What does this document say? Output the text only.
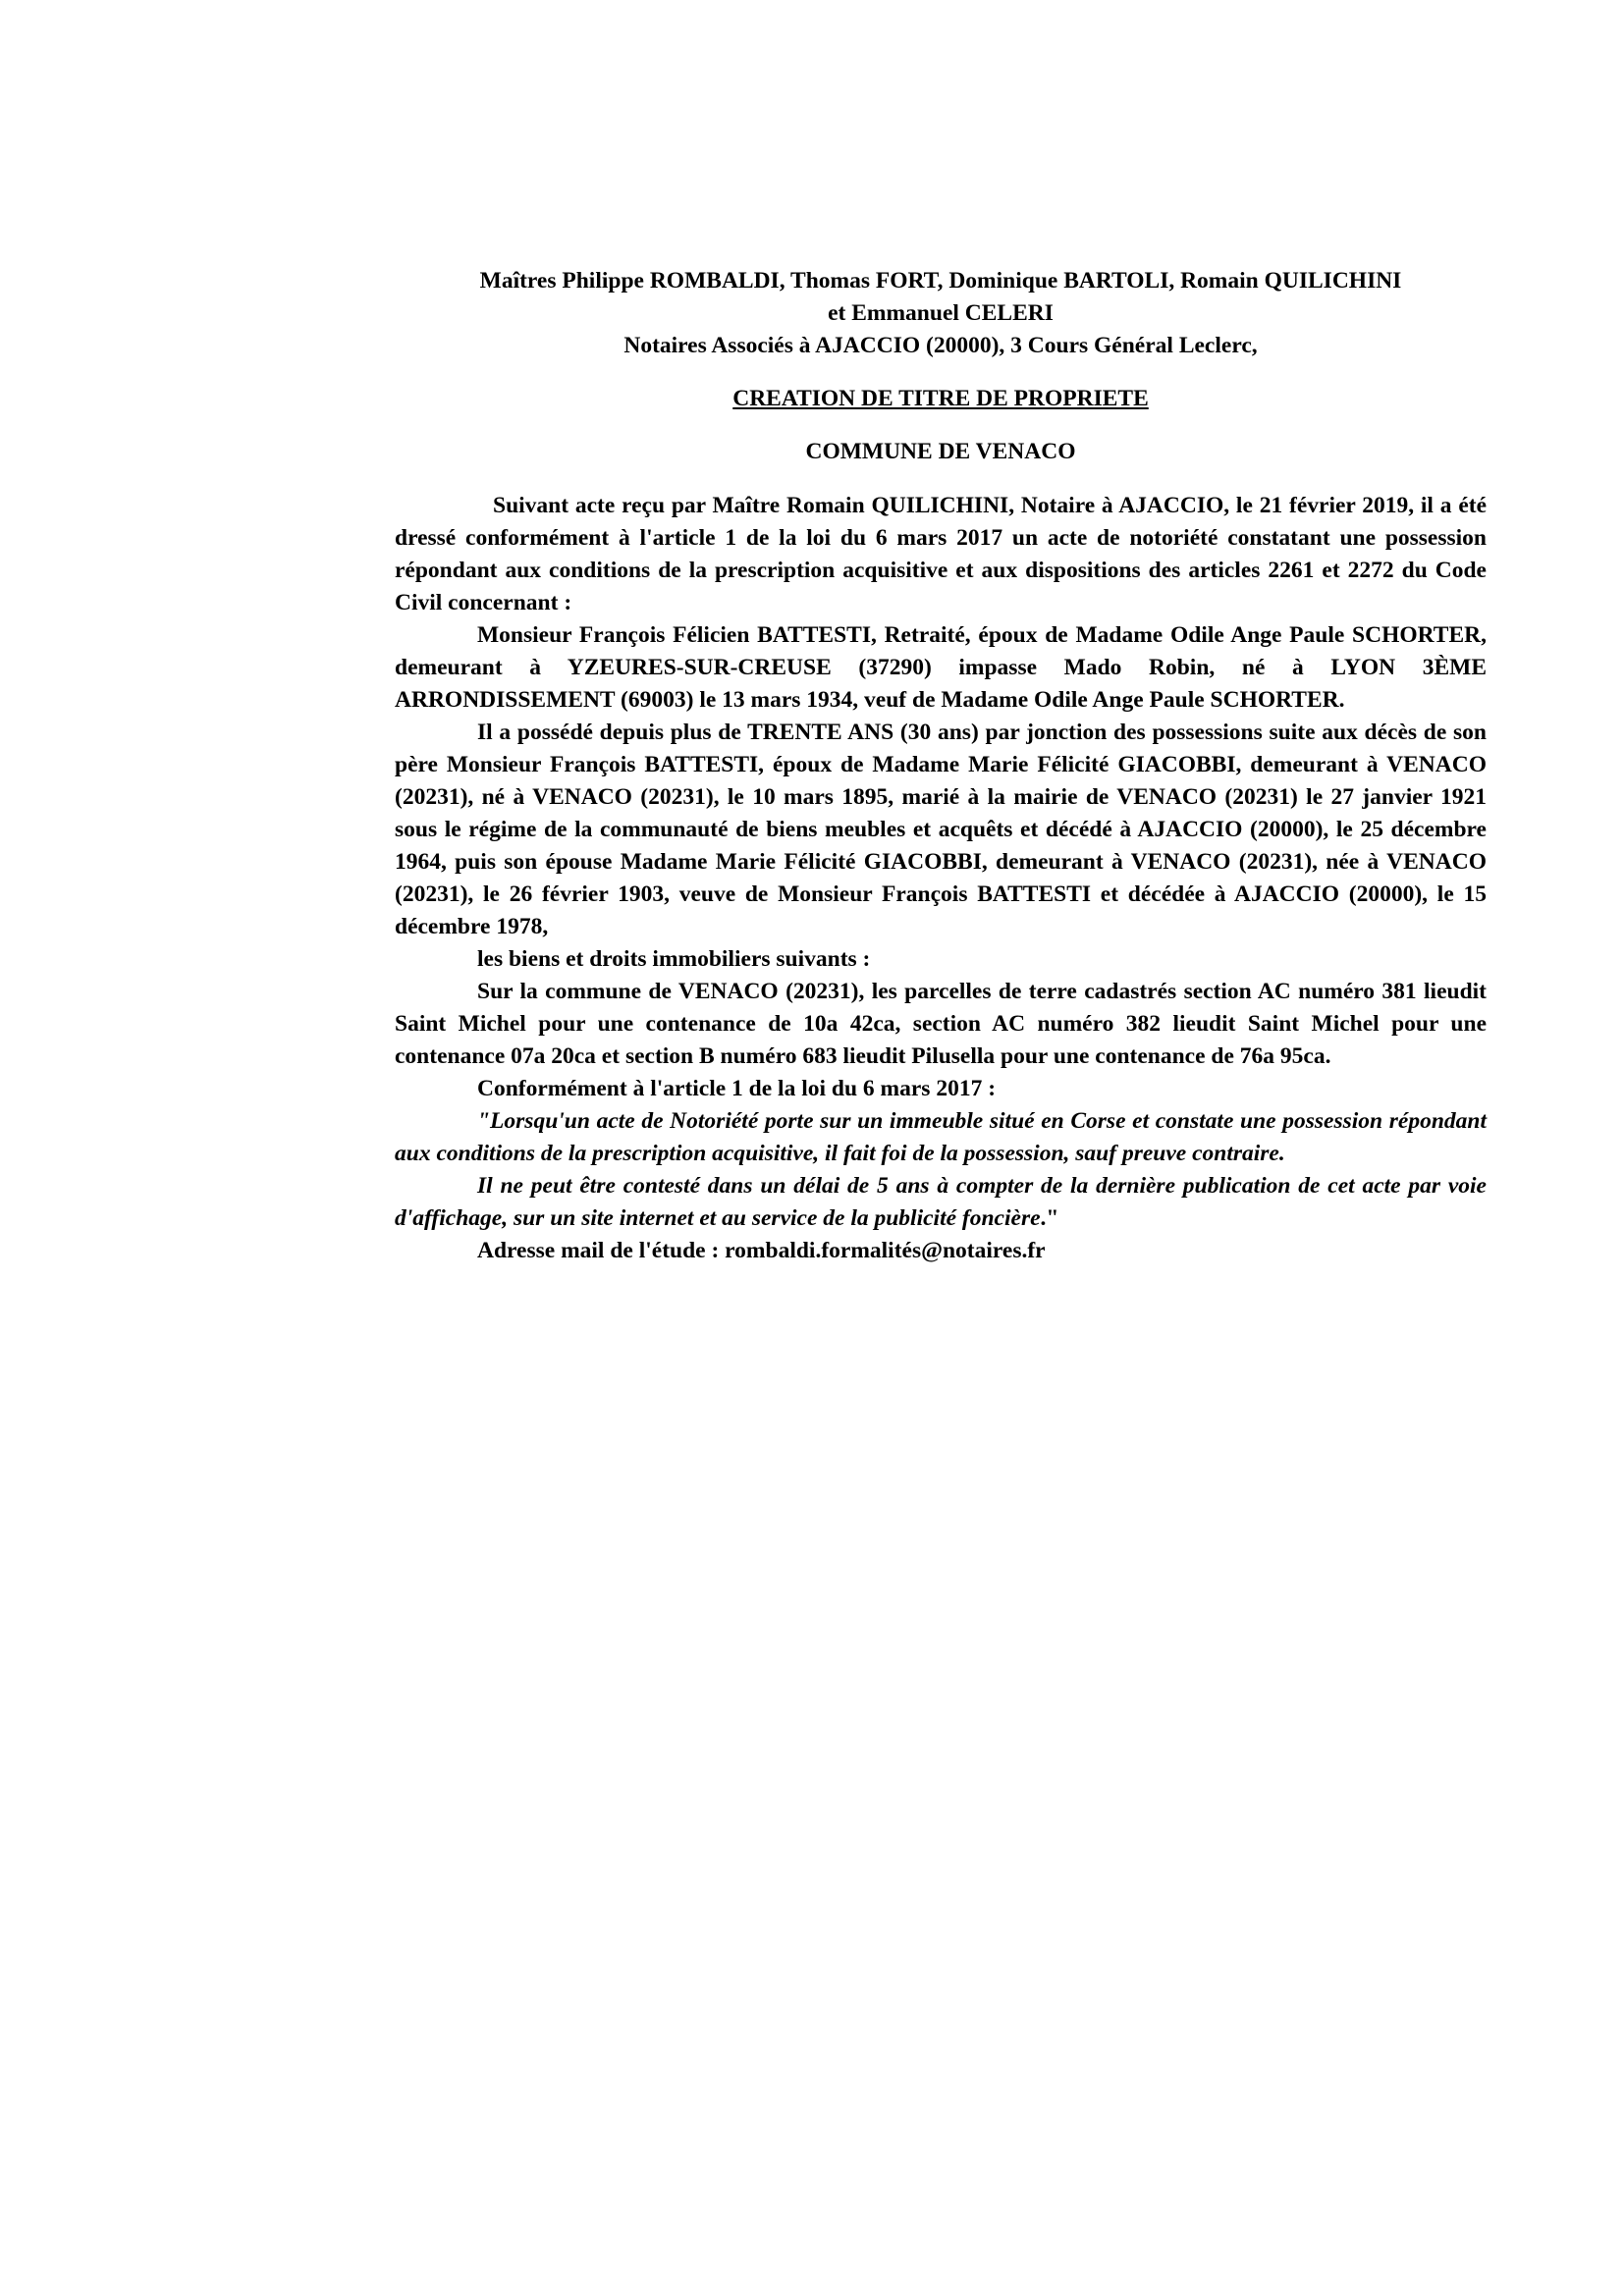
Maîtres Philippe ROMBALDI, Thomas FORT, Dominique BARTOLI, Romain QUILICHINI
et Emmanuel CELERI
Notaires Associés à AJACCIO (20000), 3 Cours Général Leclerc,
CREATION DE TITRE DE PROPRIETE
COMMUNE DE VENACO

Suivant acte reçu par Maître Romain QUILICHINI, Notaire à AJACCIO, le 21 février 2019, il a été dressé conformément à l'article 1 de la loi du 6 mars 2017 un acte de notoriété constatant une possession répondant aux conditions de la prescription acquisitive et aux dispositions des articles 2261 et 2272 du Code Civil concernant :

Monsieur François Félicien BATTESTI, Retraité, époux de Madame Odile Ange Paule SCHORTER, demeurant à YZEURES-SUR-CREUSE (37290) impasse Mado Robin, né à LYON 3ÈME ARRONDISSEMENT (69003) le 13 mars 1934, veuf de Madame Odile Ange Paule SCHORTER.

Il a possédé depuis plus de TRENTE ANS (30 ans) par jonction des possessions suite aux décès de son père Monsieur François BATTESTI, époux de Madame Marie Félicité GIACOBBI, demeurant à VENACO (20231), né à VENACO (20231), le 10 mars 1895, marié à la mairie de VENACO (20231) le 27 janvier 1921 sous le régime de la communauté de biens meubles et acquêts et décédé à AJACCIO (20000), le 25 décembre 1964, puis son épouse Madame Marie Félicité GIACOBBI, demeurant à VENACO (20231), née à VENACO (20231), le 26 février 1903, veuve de Monsieur François BATTESTI et décédée à AJACCIO (20000), le 15 décembre 1978,

les biens et droits immobiliers suivants :

Sur la commune de VENACO (20231), les parcelles de terre cadastrés section AC numéro 381 lieudit Saint Michel pour une contenance de 10a 42ca, section AC numéro 382 lieudit Saint Michel pour une contenance 07a 20ca et section B numéro 683 lieudit Pilusella pour une contenance de 76a 95ca.

Conformément à l'article 1 de la loi du 6 mars 2017 :

"Lorsqu'un acte de Notoriété porte sur un immeuble situé en Corse et constate une possession répondant aux conditions de la prescription acquisitive, il fait foi de la possession, sauf preuve contraire.

Il ne peut être contesté dans un délai de 5 ans à compter de la dernière publication de cet acte par voie d'affichage, sur un site internet et au service de la publicité foncière."

Adresse mail de l'étude : rombaldi.formalités@notaires.fr
